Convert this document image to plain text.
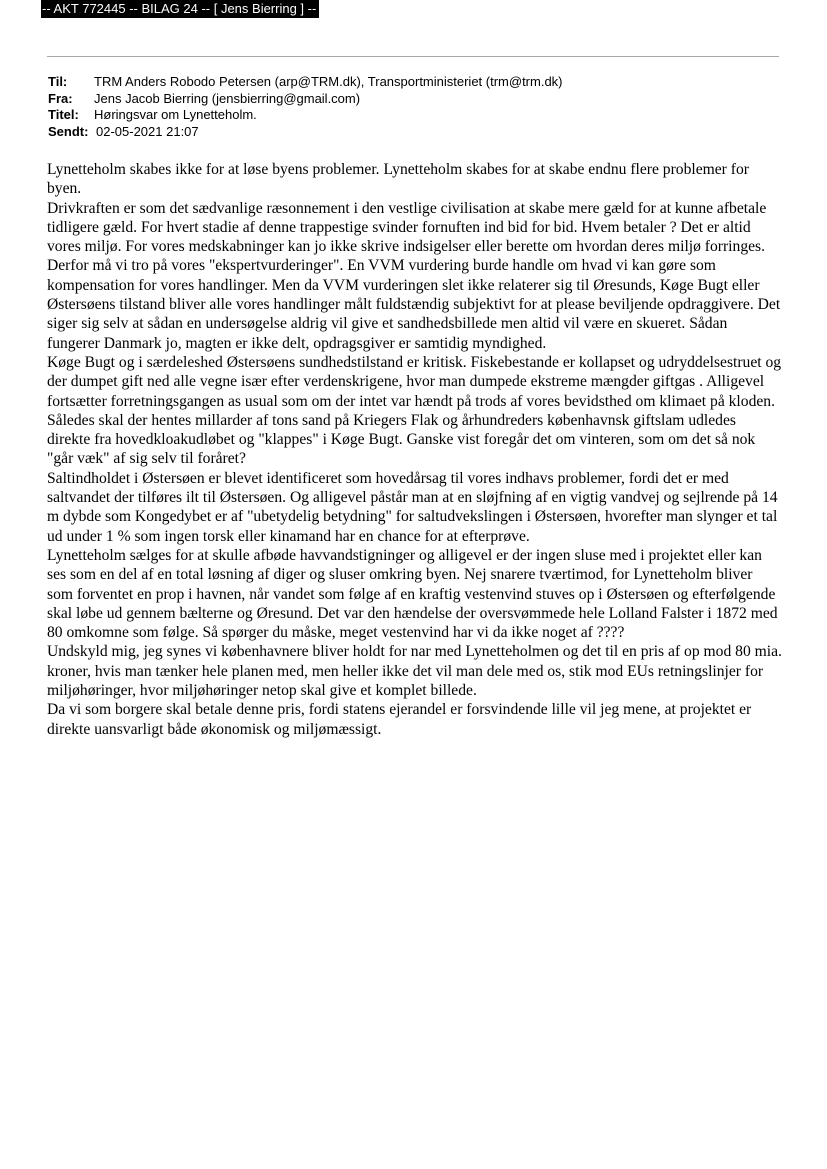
-- AKT 772445 -- BILAG 24 -- [ Jens Bierring ] --
Til:	TRM Anders Robodo Petersen (arp@TRM.dk), Transportministeriet (trm@trm.dk)
Fra:	Jens Jacob Bierring (jensbierring@gmail.com)
Titel:	Høringsvar om Lynetteholm.
Sendt: 02-05-2021 21:07

Lynetteholm skabes ikke for at løse byens problemer. Lynetteholm skabes for at skabe endnu flere problemer for byen.

Drivkraften er som det sædvanlige ræsonnement i den vestlige civilisation at skabe mere gæld for at kunne afbetale tidligere gæld. For hvert stadie af denne trappestige svinder fornuften ind bid for bid. Hvem betaler ? Det er altid vores miljø. For vores medskabninger kan jo ikke skrive indsigelser eller berette om hvordan deres miljø forringes.

Derfor må vi tro på vores "ekspertvurderinger". En VVM vurdering burde handle om hvad vi kan gøre som kompensation for vores handlinger. Men da VVM vurderingen slet ikke relaterer sig til Øresunds, Køge Bugt eller Østersøens tilstand bliver alle vores handlinger målt fuldstændig subjektivt for at please beviljende opdraggivere. Det siger sig selv at sådan en undersøgelse aldrig vil give et sandhedsbillede men altid vil være en skueret. Sådan fungerer Danmark jo, magten er ikke delt, opdragsgiver er samtidig myndighed.

Køge Bugt og i særdeleshed Østersøens sundhedstilstand er kritisk. Fiskebestande er kollapset og udryddelsestruet og der dumpet gift ned alle vegne især efter verdenskrigene, hvor man dumpede ekstreme mængder giftgas . Alligevel fortsætter forretningsgangen as usual som om der intet var hændt på trods af vores bevidsthed om klimaet på kloden.

Således skal der hentes millarder af tons sand på Kriegers Flak og århundreders københavnsk giftslam udledes direkte fra hovedkloakudløbet og "klappes" i Køge Bugt. Ganske vist foregår det om vinteren, som om det så nok "går væk" af sig selv til foråret?

Saltindholdet i Østersøen er blevet identificeret som hovedårsag til vores indhavs problemer, fordi det er med saltvandet der tilføres ilt til Østersøen. Og alligevel påstår man at en sløjfning af en vigtig vandvej og sejlrende på 14 m dybde som Kongedybet er af "ubetydelig betydning" for saltudvekslingen i Østersøen, hvorefter man slynger et tal ud under 1 % som ingen torsk eller kinamand har en chance for at efterprøve.

Lynetteholm sælges for at skulle afbøde havvandstigninger og alligevel er der ingen sluse med i projektet eller kan ses som en del af en total løsning af diger og sluser omkring byen. Nej snarere tværtimod, for Lynetteholm bliver som forventet en prop i havnen, når vandet som følge af en kraftig vestenvind stuves op i Østersøen og efterfølgende skal løbe ud gennem bælterne og Øresund. Det var den hændelse der oversvømmede hele Lolland Falster i 1872 med 80 omkomne som følge. Så spørger du måske, meget vestenvind har vi da ikke noget af ????

Undskyld mig, jeg synes vi københavnere bliver holdt for nar med Lynetteholmen og det til en pris af op mod 80 mia. kroner, hvis man tænker hele planen med, men heller ikke det vil man dele med os, stik mod EUs retningslinjer for miljøhøringer, hvor miljøhøringer netop skal give et komplet billede.

Da vi som borgere skal betale denne pris, fordi statens ejerandel er forsvindende lille vil jeg mene, at projektet er direkte uansvarligt både økonomisk og miljømæssigt.
